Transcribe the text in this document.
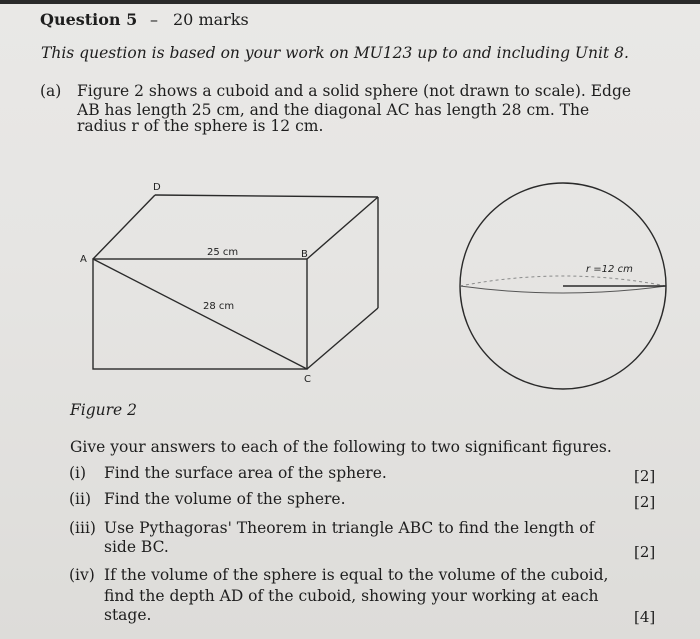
Question 5 – 20 marks
This question is based on your work on MU123 up to and including Unit 8.
(a) Figure 2 shows a cuboid and a solid sphere (not drawn to scale). Edge
AB has length 25 cm, and the diagonal AC has length 28 cm. The
radius r of the sphere is 12 cm.
D
A	B
C
25 cm
28 cm
r =12 cm
Figure 2
Give your answers to each of the following to two significant figures.
(i) Find the surface area of the sphere.	[2]
(ii) Find the volume of the sphere.	[2]
(iii) Use Pythagoras' Theorem in triangle ABC to find the length of
side BC.	[2]
(iv) If the volume of the sphere is equal to the volume of the cuboid,
find the depth AD of the cuboid, showing your working at each
stage.	[4]
